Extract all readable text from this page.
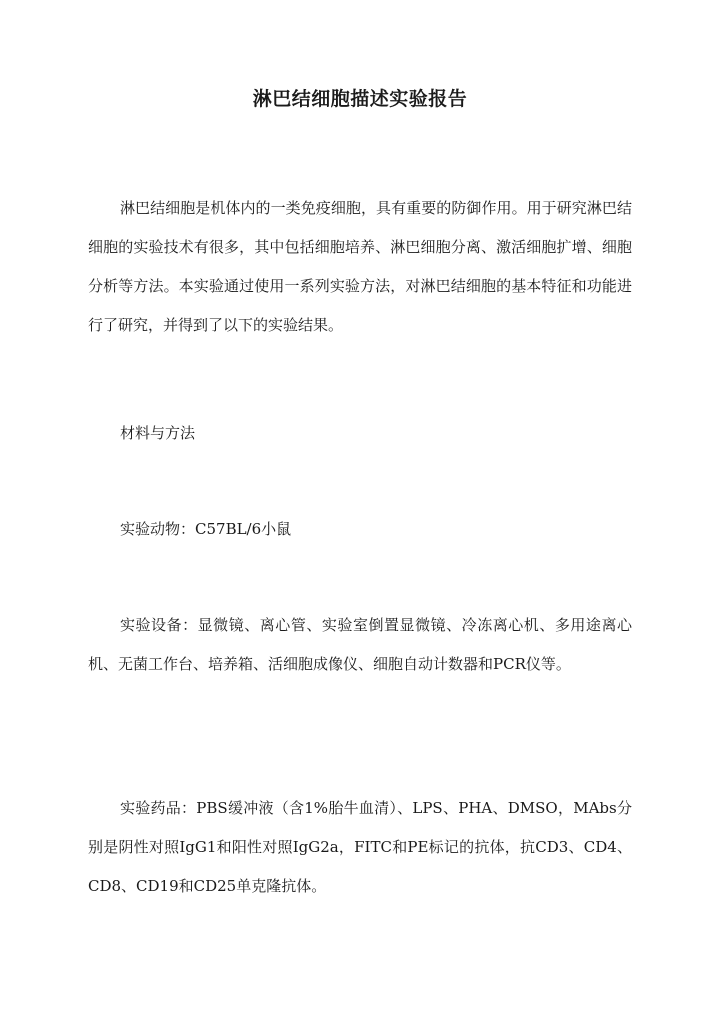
淋巴结细胞描述实验报告

淋巴结细胞是机体内的一类免疫细胞，具有重要的防御作用。用于研究淋巴结细胞的实验技术有很多，其中包括细胞培养、淋巴细胞分离、激活细胞扩增、细胞分析等方法。本实验通过使用一系列实验方法，对淋巴结细胞的基本特征和功能进行了研究，并得到了以下的实验结果。

材料与方法
实验动物：C57BL/6小鼠

实验设备：显微镜、离心管、实验室倒置显微镜、冷冻离心机、多用途离心机、无菌工作台、培养箱、活细胞成像仪、细胞自动计数器和PCR仪等。

实验药品：PBS缓冲液（含1%胎牛血清）、LPS、PHA、DMSO，MAbs分别是阴性对照IgG1和阳性对照IgG2a，FITC和PE标记的抗体，抗CD3、CD4、CD8、CD19和CD25单克隆抗体。
